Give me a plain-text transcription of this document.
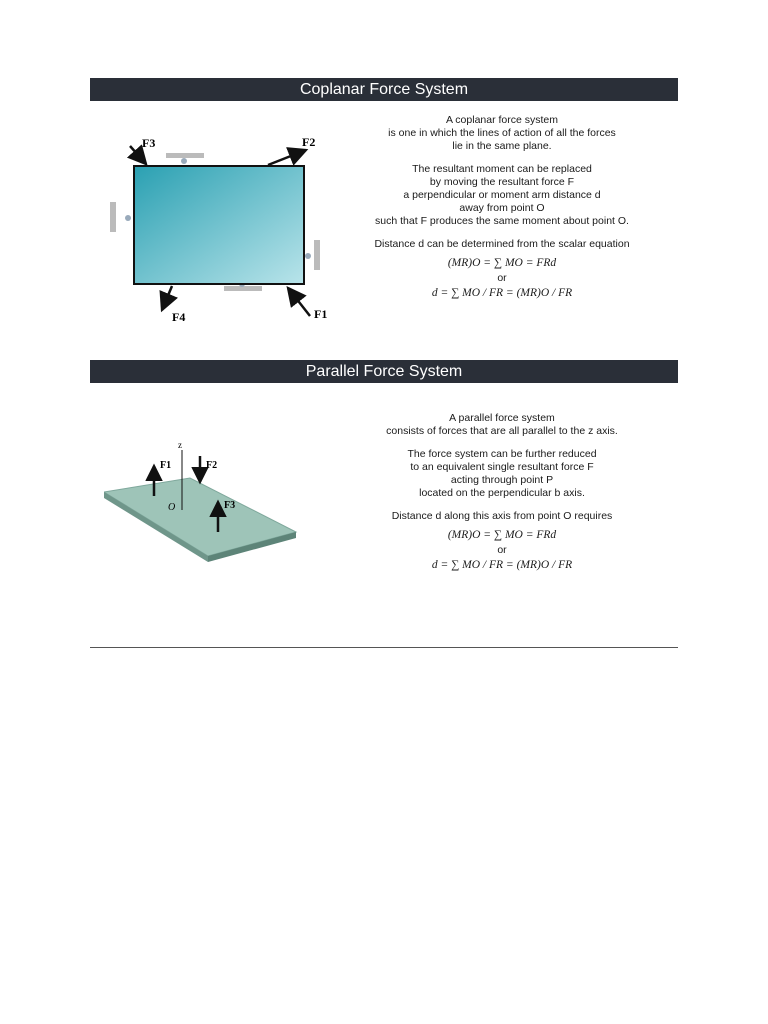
Coplanar Force System
F3	F2
F1
F4

A coplanar force system

is one in which the lines of action of all the forces

lie in the same plane.

The resultant moment can be replaced

by moving the resultant force F

a perpendicular or moment arm distance d

away from point O

such that F produces the same moment about point O.

Distance d can be determined from the scalar equation

(MR)O = ∑ MO = FRd

or

d = ∑ MO / FR = (MR)O / FR

Parallel Force System
z
O
F1	F2
F3

A parallel force system

consists of forces that are all parallel to the z axis.

The force system can be further reduced

to an equivalent single resultant force F

acting through point P

located on the perpendicular b axis.

Distance d along this axis from point O requires

(MR)O = ∑ MO = FRd

or

d = ∑ MO / FR = (MR)O / FR
